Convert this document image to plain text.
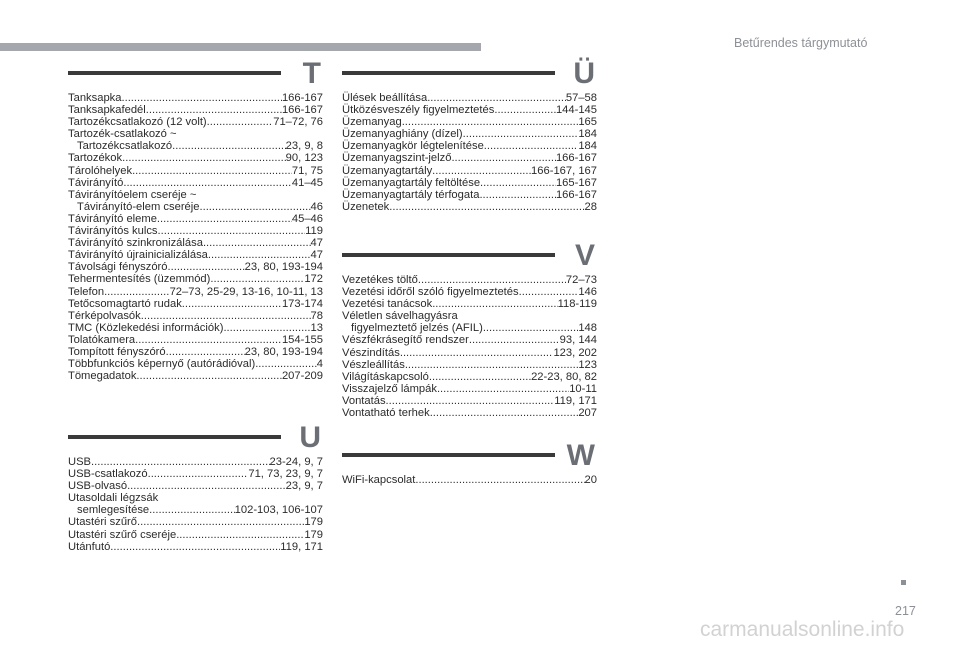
Betűrendes tárgymutató
T
Tanksapka .....	166-167
Tanksapkafedél .....	166-167
Tartozékcsatlakozó (12 volt) .....	71–72, 76
Tartozék-csatlakozó ~
Tartozékcsatlakozó .....	23, 9, 8
Tartozékok .....	90, 123
Tárolóhelyek .....	71, 75
Távirányító .....	41–45
Távirányítóelem cseréje ~
Távirányító-elem cseréje .....	46
Távirányító eleme .....	45–46
Távirányítós kulcs .....	119
Távirányító szinkronizálása .....	47
Távirányító újrainicializálása .....	47
Távolsági fényszóró .....	23, 80, 193-194
Tehermentesítés (üzemmód) .....	172
Telefon .....	72–73, 25-29, 13-16, 10-11, 13
Tetőcsomagtartó rudak .....	173-174
Térképolvasók .....	78
TMC (Közlekedési információk) .....	13
Tolatókamera .....	154-155
Tompított fényszóró .....	23, 80, 193-194
Többfunkciós képernyő (autórádióval) .....	4
Tömegadatok .....	207-209
U
USB .....	23-24, 9, 7
USB-csatlakozó .....	71, 73, 23, 9, 7
USB-olvasó .....	23, 9, 7
Utasoldali légzsák
semlegesítése .....	102-103, 106-107
Utastéri szűrő .....	179
Utastéri szűrő cseréje .....	179
Utánfutó .....	119, 171
Ü
Ülések beállítása .....	57–58
Ütközésveszély figyelmeztetés .....	144-145
Üzemanyag .....	165
Üzemanyaghiány (dízel) .....	184
Üzemanyagkör légtelenítése .....	184
Üzemanyagszint-jelző .....	166-167
Üzemanyagtartály .....	166-167, 167
Üzemanyagtartály feltöltése .....	165-167
Üzemanyagtartály térfogata .....	166-167
Üzenetek .....	28
V
Vezetékes töltő .....	72–73
Vezetési időről szóló figyelmeztetés .....	146
Vezetési tanácsok .....	118-119
Véletlen sávelhagyásra
figyelmeztető jelzés (AFIL) .....	148
Vészfékrásegítő rendszer .....	93, 144
Vészindítás .....	123, 202
Vészleállítás .....	123
Világításkapcsoló .....	22-23, 80, 82
Visszajelző lámpák .....	10-11
Vontatás .....	119, 171
Vontatható terhek .....	207
W
WiFi-kapcsolat .....	20
217
carmanualsonline.info
